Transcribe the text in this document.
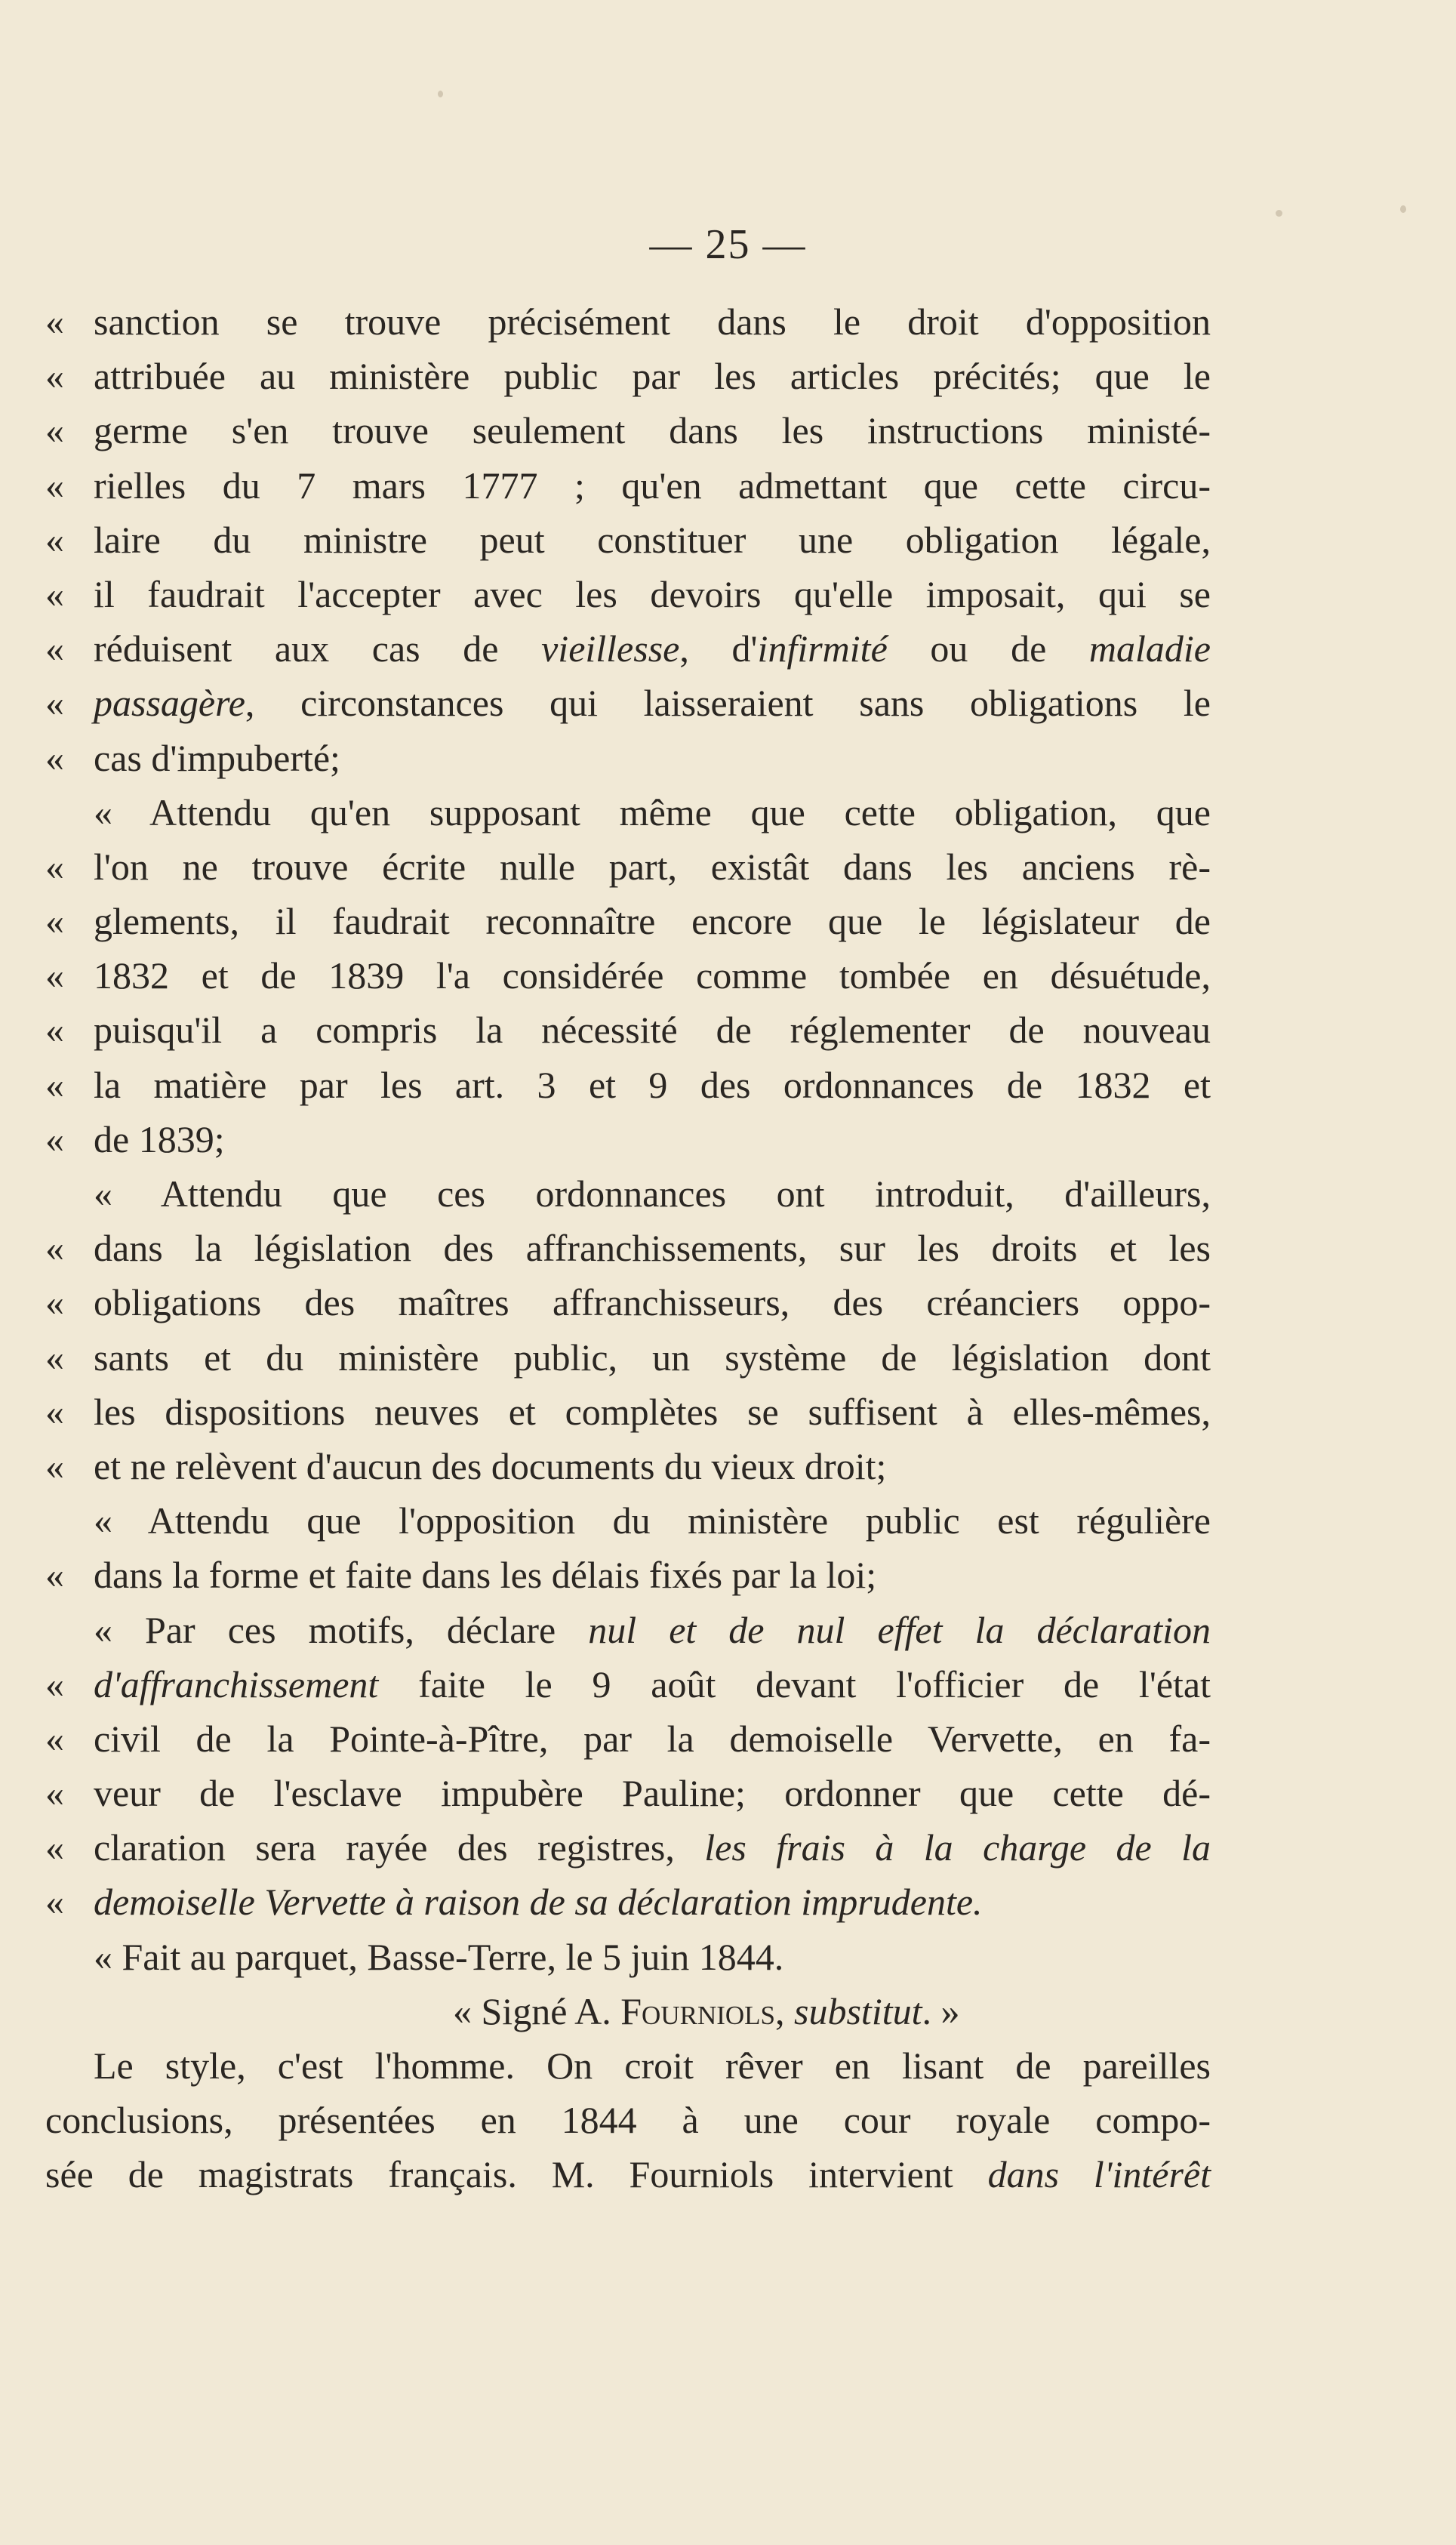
— 25 —
« sanction se trouve précisément dans le droit d'opposition
« attribuée au ministère public par les articles précités; que le
« germe s'en trouve seulement dans les instructions ministé-
« rielles du 7 mars 1777 ; qu'en admettant que cette circu-
« laire du ministre peut constituer une obligation légale,
« il faudrait l'accepter avec les devoirs qu'elle imposait, qui se
« réduisent aux cas de vieillesse, d'infirmité ou de maladie
« passagère, circonstances qui laisseraient sans obligations le
« cas d'impuberté;
« Attendu qu'en supposant même que cette obligation, que
« l'on ne trouve écrite nulle part, existât dans les anciens rè-
« glements, il faudrait reconnaître encore que le législateur de
« 1832 et de 1839 l'a considérée comme tombée en désuétude,
« puisqu'il a compris la nécessité de réglementer de nouveau
« la matière par les art. 3 et 9 des ordonnances de 1832 et
« de 1839;
« Attendu que ces ordonnances ont introduit, d'ailleurs,
« dans la législation des affranchissements, sur les droits et les
« obligations des maîtres affranchisseurs, des créanciers oppo-
« sants et du ministère public, un système de législation dont
« les dispositions neuves et complètes se suffisent à elles-mêmes,
« et ne relèvent d'aucun des documents du vieux droit;
« Attendu que l'opposition du ministère public est régulière
« dans la forme et faite dans les délais fixés par la loi;
« Par ces motifs, déclare nul et de nul effet la déclaration
« d'affranchissement faite le 9 août devant l'officier de l'état
« civil de la Pointe-à-Pître, par la demoiselle Vervette, en fa-
« veur de l'esclave impubère Pauline; ordonner que cette dé-
« claration sera rayée des registres, les frais à la charge de la
« demoiselle Vervette à raison de sa déclaration imprudente.
« Fait au parquet, Basse-Terre, le 5 juin 1844.
« Signé A. Fourniols, substitut. »
Le style, c'est l'homme. On croit rêver en lisant de pareilles
conclusions, présentées en 1844 à une cour royale compo-
sée de magistrats français. M. Fourniols intervient dans l'intérêt
